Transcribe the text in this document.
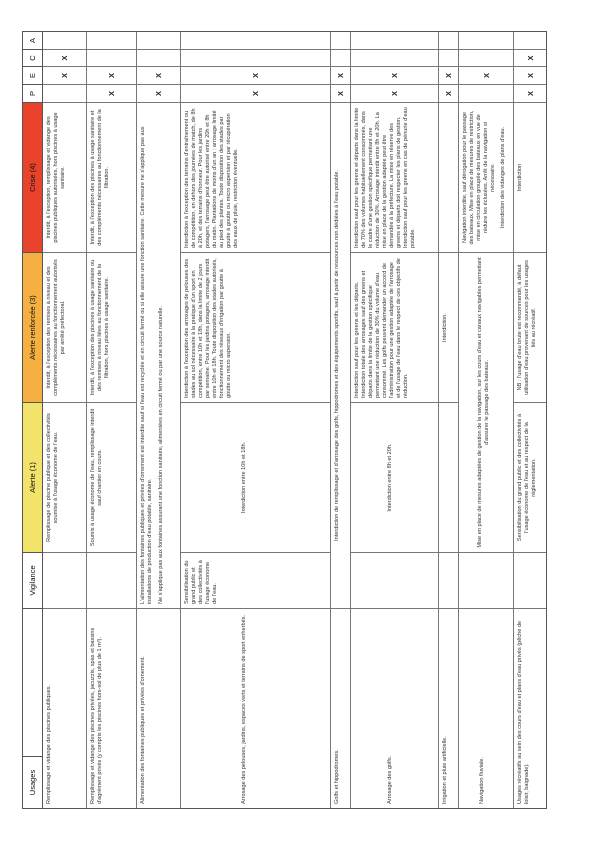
Usages
Vigilance
Alerte (1)
Alerte renforcée (3)
Crise (4)
P
E
C
A
Remplissage et vidange des piscines publiques.
Remplissage de piscine publique et des collectivités soumise à l'usage économe de l'eau.
Interdit, à l'exception des remises à niveau et des compléments nécessaires au fonctionnement autorisés par arrêté préfectoral.
Interdit, à l'exception, remplissage et vidange des piscines publiques autorisées, hors piscines à usage sanitaire.
X
X
Remplissage et vidange des piscines privées, jacuzzis, spas et bassins d'agrément privés (y compris les piscines hors-sol de plus de 1 m³).
Soumis à usage économe de l'eau, remplissage interdit sauf chantier en cours.
Interdit, à l'exception des piscines à usage sanitaire ou des remises à niveau liées au fonctionnement de la filtration, hors piscines à usage sanitaire.
Interdit, à l'exception des piscines à usage sanitaire et des compléments nécessaires au fonctionnement de la filtration.
X
X
Alimentation des fontaines publiques et privées d'ornement.
L'alimentation des fontaines publiques et privées d'ornement est interdite sauf si l'eau est recyclée et en circuit fermé ou si elle assure une fonction sanitaire. Cette mesure ne s'applique pas aux installations de production d'eau potable, sanitaire. Ne s'applique pas aux fontaines assurant une fonction sanitaire, alimentées en circuit fermé ou par une source naturelle.
X
X
Arrosage des pelouses, jardins, espaces verts et terrains de sport enherbés.
Sensibilisation du grand public et des collectivités à l'usage économe de l'eau.
Interdiction entre 10h et 18h.
Interdiction à l'exception des arrosages de pelouses des stades au sol nécessaire à la pratique d'un sport en compétition, entre 10h et 18h, dans la limite de 2 jours par semaine. Pour les jardins potagers, arrosage interdit entre 10h et 18h. Toute disposition des stades autorisés, fonctionnement des réseaux d'irrigation par goutte à goutte ou micro aspersion.
Interdiction à l'exception des terrains d'entraînement ou de compétition, en dehors des journées de match, de 8h à 20h, et des terrains d'honneur. Pour les jardins potagers, l'arrosage peut être autorisé entre 20h et 8h du matin. Plantations de moins d'un an : arrosage limité au pied des plantes. Toute disposition des stades par goutte à goutte ou micro aspersion et par récupération des eaux de pluie, restriction éventuelle.
X
X
Golfs et hippodromes.
Interdiction de remplissage et d'arrosage des golfs, hippodromes et des équipements sportifs, sauf à partir de ressources non dédiées à l'eau potable.
X
X
Arrosage des golfs.
Interdiction entre 8h et 20h.
Interdiction sauf pour les greens et les départs. Interdiction totale des arrosages sauf des greens et départs dans la limite de la gestion spécifique permettant une réduction de 30% du volume d'eau consommé. Les golfs peuvent demander un accord de l'administration pour une gestion adaptée de l'arrosage et de l'usage de l'eau dans le respect de ces objectifs de réduction.
Interdiction sauf pour les greens et départs dans la limite de 70% des volumes habituellement consommés, dans le cadre d'une gestion spécifique permettant une réduction de 30%. Arrosage interdit entre 8h et 20h. La mise en place de la gestion adaptée peut être demandée à la préfecture. La mise en réserve des greens et départs doit respecter les plans de gestion. Interdiction sauf pour les greens en cas de pénurie d'eau potable.
X
X
Irrigation et pluie artificielle.
Interdiction.
X
X
Navigation fluviale.
Mise en place de mesures adaptées de gestion de la navigation, sur les cours d'eau et canaux navigables permettant d'assurer le passage des bateaux.
Navigation interdite, sauf dérogation pour le passage des bateaux. Mise en place de mesures de restriction, mise en circulation groupée des bateaux en vue de réduire les éclusées. Arrêt de la navigation si nécessaire. Interdiction des vidanges de plans d'eau.
X
Usages récréatifs au sein des cours d'eau et plans d'eau privés (pêche de loisir, baignade).
Sensibilisation du grand public et des collectivités à l'usage économe de l'eau et au respect de la réglementation.
NB : l'usage d'eau brute est recommandé, à défaut utilisation d'eau provenant de sources pour les usages liés au récréatif.
Interdiction
X
X
X
